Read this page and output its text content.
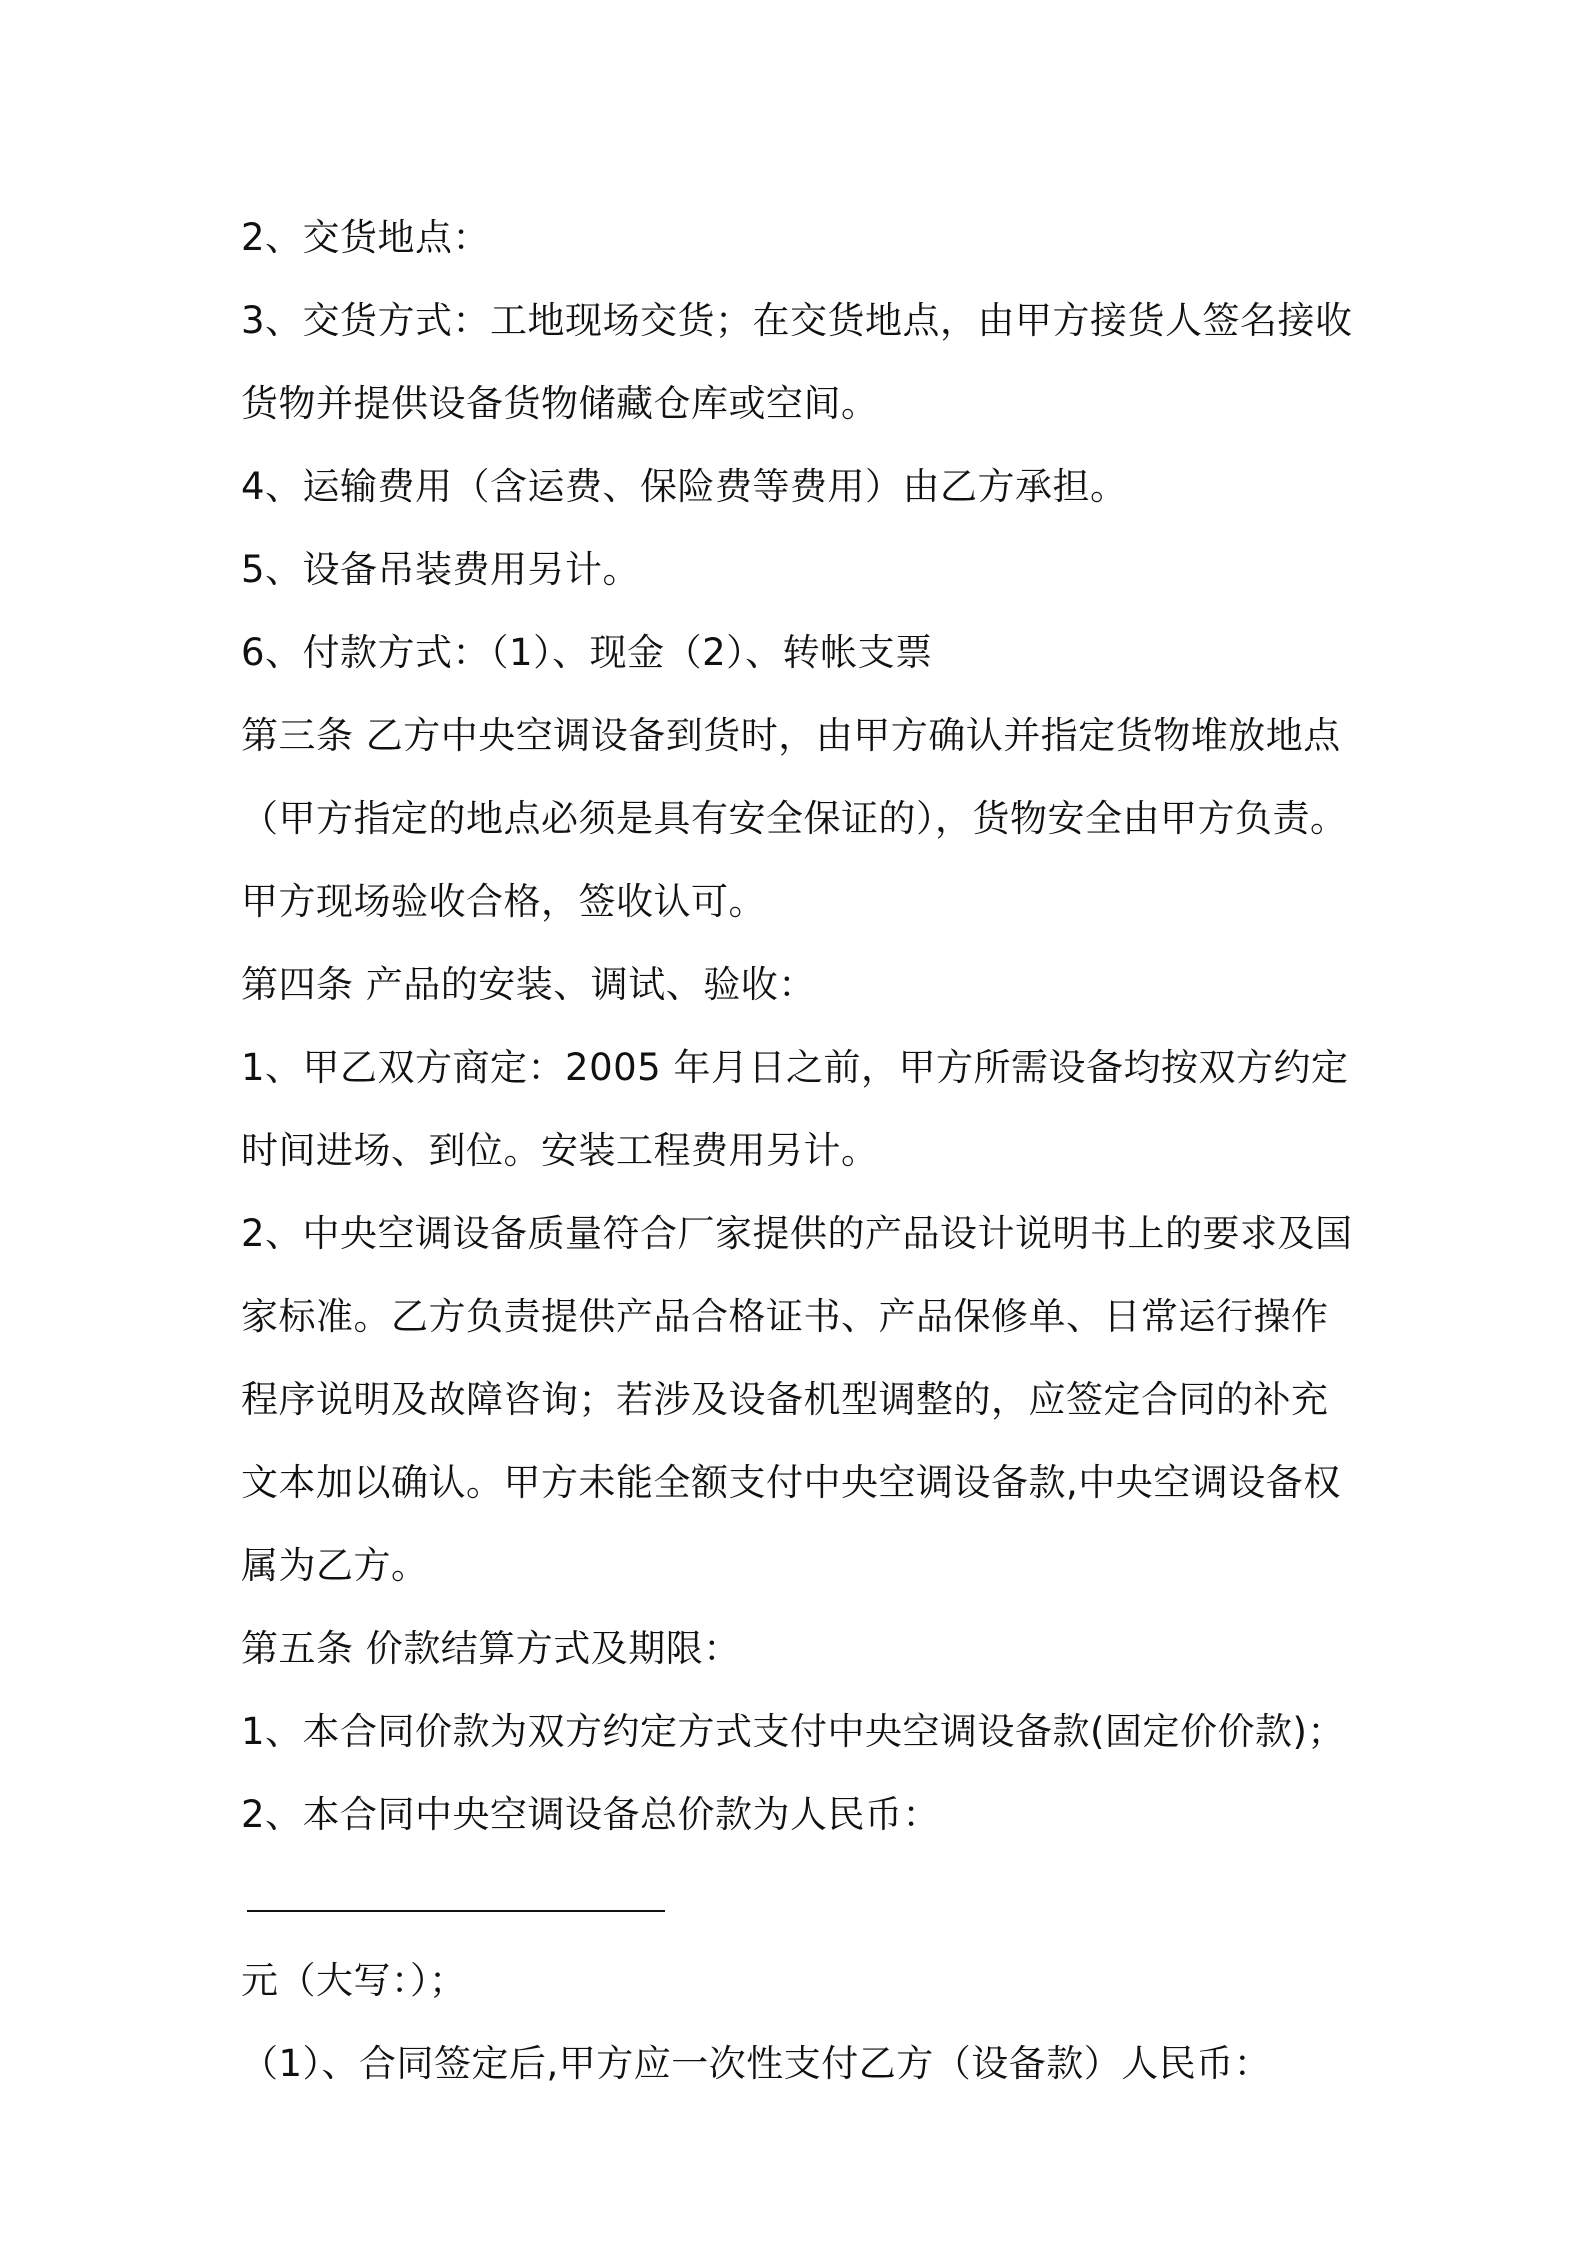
2、交货地点：

3、交货方式：工地现场交货；在交货地点，由甲方接货人签名接收货物并提供设备货物储藏仓库或空间。

4、运输费用（含运费、保险费等费用）由乙方承担。

5、设备吊装费用另计。

6、付款方式：（1）、现金（2）、转帐支票

第三条 乙方中央空调设备到货时，由甲方确认并指定货物堆放地点（甲方指定的地点必须是具有安全保证的），货物安全由甲方负责。甲方现场验收合格，签收认可。

第四条 产品的安装、调试、验收：

1、甲乙双方商定：2005 年月日之前，甲方所需设备均按双方约定时间进场、到位。安装工程费用另计。

2、中央空调设备质量符合厂家提供的产品设计说明书上的要求及国家标准。乙方负责提供产品合格证书、产品保修单、日常运行操作程序说明及故障咨询；若涉及设备机型调整的，应签定合同的补充文本加以确认。甲方未能全额支付中央空调设备款,中央空调设备权属为乙方。

第五条 价款结算方式及期限：

1、本合同价款为双方约定方式支付中央空调设备款(固定价价款)；

2、本合同中央空调设备总价款为人民币：

元（大写：）；

（1）、合同签定后,甲方应一次性支付乙方（设备款）人民币：
